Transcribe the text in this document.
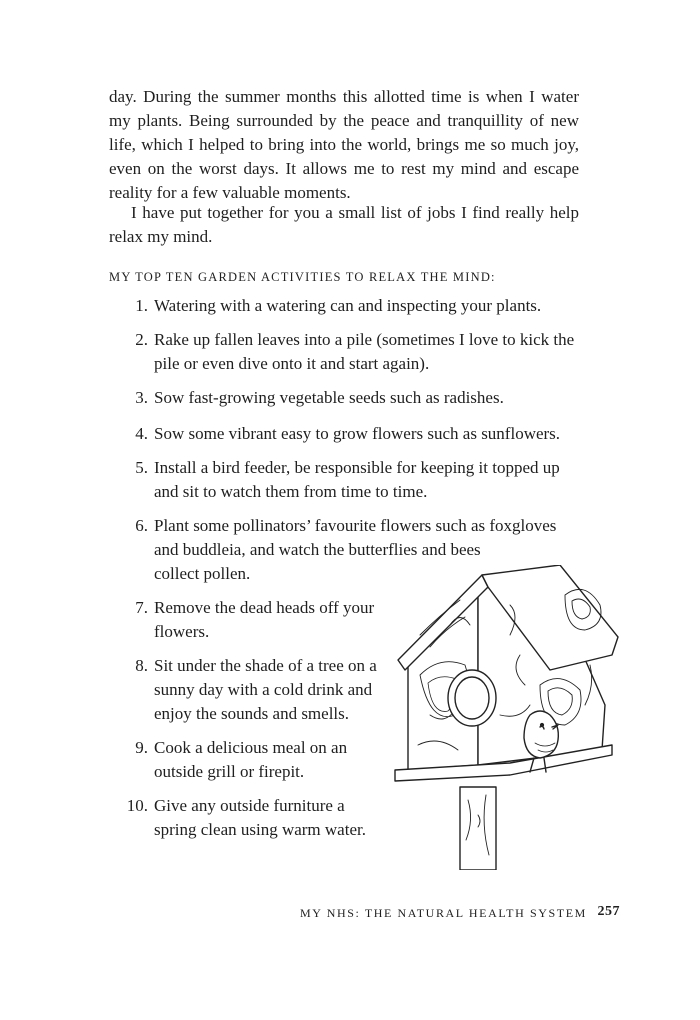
day. During the summer months this allotted time is when I water my plants. Being surrounded by the peace and tranquillity of new life, which I helped to bring into the world, brings me so much joy, even on the worst days. It allows me to rest my mind and escape reality for a few valuable moments.

I have put together for you a small list of jobs I find really help relax my mind.

MY TOP TEN GARDEN ACTIVITIES TO RELAX THE MIND:
1. Watering with a watering can and inspecting your plants.
2. Rake up fallen leaves into a pile (sometimes I love to kick the
pile or even dive onto it and start again).
3. Sow fast-growing vegetable seeds such as radishes.
4. Sow some vibrant easy to grow flowers such as sunflowers.
5. Install a bird feeder, be responsible for keeping it topped up
and sit to watch them from time to time.
6. Plant some pollinators’ favourite flowers such as foxgloves
and buddleia, and watch the butterflies and bees
collect pollen.
7. Remove the dead heads off your
flowers.
8. Sit under the shade of a tree on a
sunny day with a cold drink and
enjoy the sounds and smells.
9. Cook a delicious meal on an
outside grill or firepit.
10. Give any outside furniture a
spring clean using warm water.
MY NHS: THE NATURAL HEALTH SYSTEM 257
